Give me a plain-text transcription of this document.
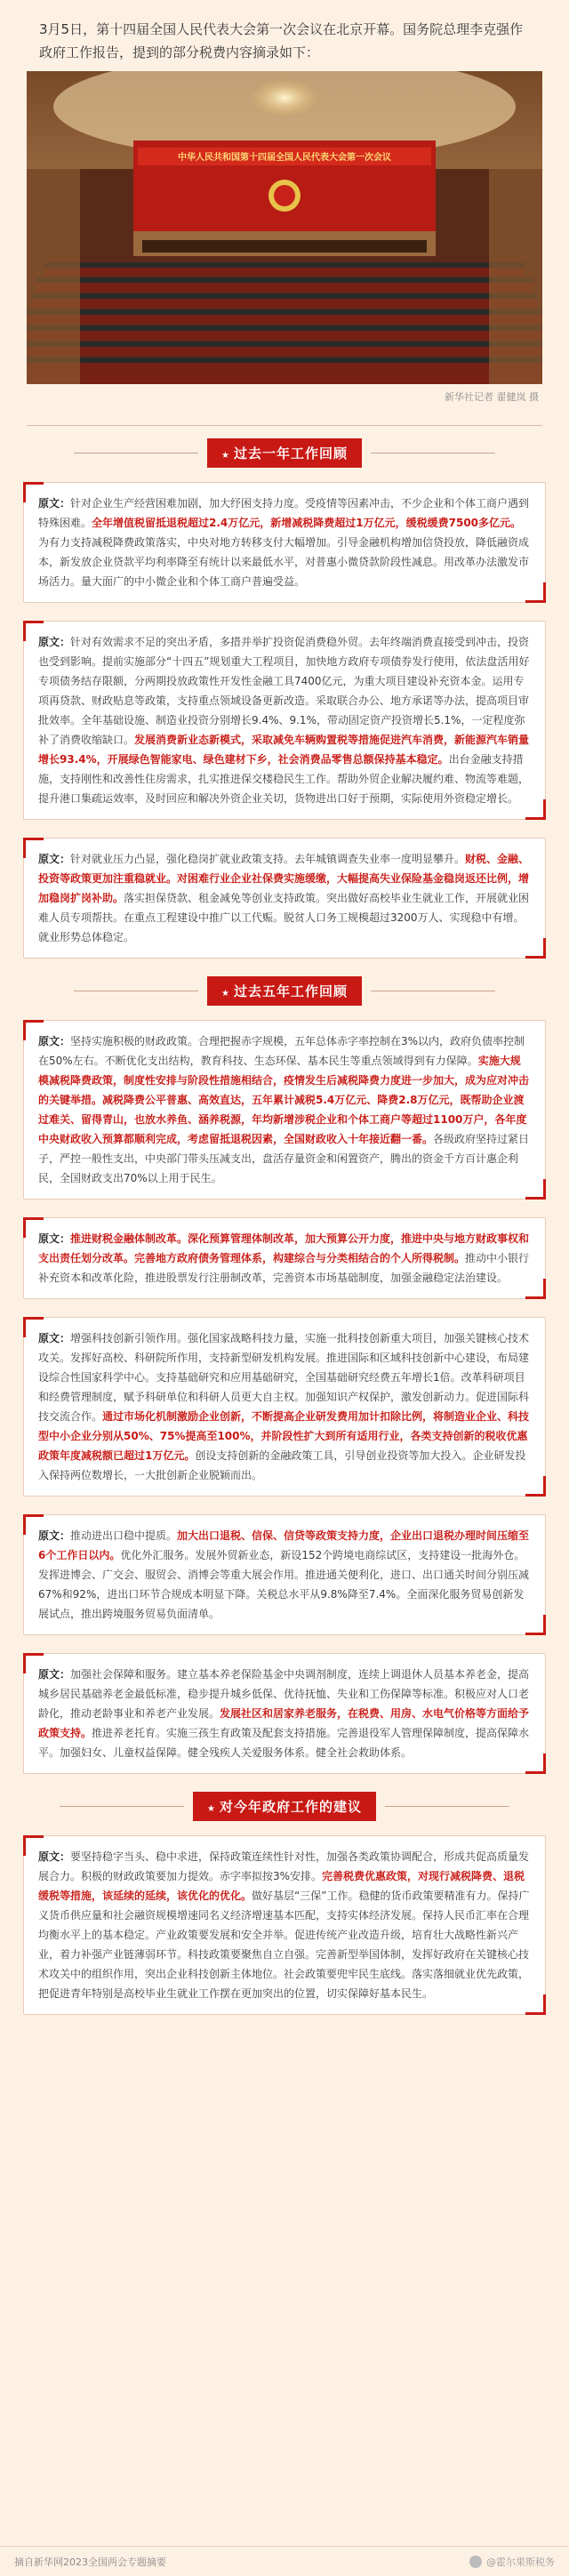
3月5日，第十四届全国人民代表大会第一次会议在北京开幕。国务院总理李克强作政府工作报告，提到的部分税费内容摘录如下：
中华人民共和国第十四届全国人民代表大会第一次会议
新华社记者 翟健岚 摄
★ 过去一年工作回顾
原文：针对企业生产经营困难加剧，加大纾困支持力度。受疫情等因素冲击，不少企业和个体工商户遇到特殊困难。全年增值税留抵退税超过2.4万亿元，新增减税降费超过1万亿元，缓税缓费7500多亿元。为有力支持减税降费政策落实，中央对地方转移支付大幅增加。引导金融机构增加信贷投放，降低融资成本，新发放企业贷款平均利率降至有统计以来最低水平，对普惠小微贷款阶段性减息。用改革办法激发市场活力。量大面广的中小微企业和个体工商户普遍受益。
原文：针对有效需求不足的突出矛盾，多措并举扩投资促消费稳外贸。去年终端消费直接受到冲击，投资也受到影响。提前实施部分“十四五”规划重大工程项目，加快地方政府专项债券发行使用，依法盘活用好专项债务结存限额，分两期投放政策性开发性金融工具7400亿元，为重大项目建设补充资本金。运用专项再贷款、财政贴息等政策，支持重点领域设备更新改造。采取联合办公、地方承诺等办法，提高项目审批效率。全年基础设施、制造业投资分别增长9.4%、9.1%，带动固定资产投资增长5.1%，一定程度弥补了消费收缩缺口。发展消费新业态新模式，采取减免车辆购置税等措施促进汽车消费，新能源汽车销量增长93.4%，开展绿色智能家电、绿色建材下乡，社会消费品零售总额保持基本稳定。出台金融支持措施，支持刚性和改善性住房需求，扎实推进保交楼稳民生工作。帮助外贸企业解决履约难、物流等难题，提升港口集疏运效率，及时回应和解决外资企业关切，货物进出口好于预期，实际使用外资稳定增长。
原文：针对就业压力凸显，强化稳岗扩就业政策支持。去年城镇调查失业率一度明显攀升。财税、金融、投资等政策更加注重稳就业。对困难行业企业社保费实施缓缴，大幅提高失业保险基金稳岗返还比例，增加稳岗扩岗补助。落实担保贷款、租金减免等创业支持政策。突出做好高校毕业生就业工作，开展就业困难人员专项帮扶。在重点工程建设中推广以工代赈。脱贫人口务工规模超过3200万人、实现稳中有增。就业形势总体稳定。
★ 过去五年工作回顾
原文：坚持实施积极的财政政策。合理把握赤字规模，五年总体赤字率控制在3%以内，政府负债率控制在50%左右。不断优化支出结构，教育科技、生态环保、基本民生等重点领域得到有力保障。实施大规模减税降费政策，制度性安排与阶段性措施相结合，疫情发生后减税降费力度进一步加大，成为应对冲击的关键举措。减税降费公平普惠、高效直达，五年累计减税5.4万亿元、降费2.8万亿元，既帮助企业渡过难关、留得青山，也放水养鱼、涵养税源，年均新增涉税企业和个体工商户等超过1100万户，各年度中央财政收入预算都顺利完成，考虑留抵退税因素，全国财政收入十年接近翻一番。各级政府坚持过紧日子，严控一般性支出，中央部门带头压减支出，盘活存量资金和闲置资产，腾出的资金千方百计惠企利民，全国财政支出70%以上用于民生。
原文：推进财税金融体制改革。深化预算管理体制改革，加大预算公开力度，推进中央与地方财政事权和支出责任划分改革。完善地方政府债务管理体系，构建综合与分类相结合的个人所得税制。推动中小银行补充资本和改革化险，推进股票发行注册制改革，完善资本市场基础制度，加强金融稳定法治建设。
原文：增强科技创新引领作用。强化国家战略科技力量，实施一批科技创新重大项目，加强关键核心技术攻关。发挥好高校、科研院所作用，支持新型研发机构发展。推进国际和区域科技创新中心建设，布局建设综合性国家科学中心。支持基础研究和应用基础研究，全国基础研究经费五年增长1倍。改革科研项目和经费管理制度，赋予科研单位和科研人员更大自主权。加强知识产权保护，激发创新动力。促进国际科技交流合作。通过市场化机制激励企业创新，不断提高企业研发费用加计扣除比例，将制造业企业、科技型中小企业分别从50%、75%提高至100%，并阶段性扩大到所有适用行业，各类支持创新的税收优惠政策年度减税额已超过1万亿元。创设支持创新的金融政策工具，引导创业投资等加大投入。企业研发投入保持两位数增长，一大批创新企业脱颖而出。
原文：推动进出口稳中提质。加大出口退税、信保、信贷等政策支持力度，企业出口退税办理时间压缩至6个工作日以内。优化外汇服务。发展外贸新业态，新设152个跨境电商综试区，支持建设一批海外仓。发挥进博会、广交会、服贸会、消博会等重大展会作用。推进通关便利化，进口、出口通关时间分别压减67%和92%，进出口环节合规成本明显下降。关税总水平从9.8%降至7.4%。全面深化服务贸易创新发展试点，推出跨境服务贸易负面清单。
原文：加强社会保障和服务。建立基本养老保险基金中央调剂制度，连续上调退休人员基本养老金，提高城乡居民基础养老金最低标准，稳步提升城乡低保、优待抚恤、失业和工伤保障等标准。积极应对人口老龄化，推动老龄事业和养老产业发展。发展社区和居家养老服务，在税费、用房、水电气价格等方面给予政策支持。推进养老托育。实施三孩生育政策及配套支持措施。完善退役军人管理保障制度，提高保障水平。加强妇女、儿童权益保障。健全残疾人关爱服务体系。健全社会救助体系。
★ 对今年政府工作的建议
原文：要坚持稳字当头、稳中求进，保持政策连续性针对性，加强各类政策协调配合，形成共促高质量发展合力。积极的财政政策要加力提效。赤字率拟按3%安排。完善税费优惠政策，对现行减税降费、退税缓税等措施，该延续的延续，该优化的优化。做好基层“三保”工作。稳健的货币政策要精准有力。保持广义货币供应量和社会融资规模增速同名义经济增速基本匹配，支持实体经济发展。保持人民币汇率在合理均衡水平上的基本稳定。产业政策要发展和安全并举。促进传统产业改造升级，培育壮大战略性新兴产业，着力补强产业链薄弱环节。科技政策要聚焦自立自强。完善新型举国体制，发挥好政府在关键核心技术攻关中的组织作用，突出企业科技创新主体地位。社会政策要兜牢民生底线。落实落细就业优先政策，把促进青年特别是高校毕业生就业工作摆在更加突出的位置，切实保障好基本民生。
摘自新华网2023全国两会专题摘要	@霍尔果斯税务
